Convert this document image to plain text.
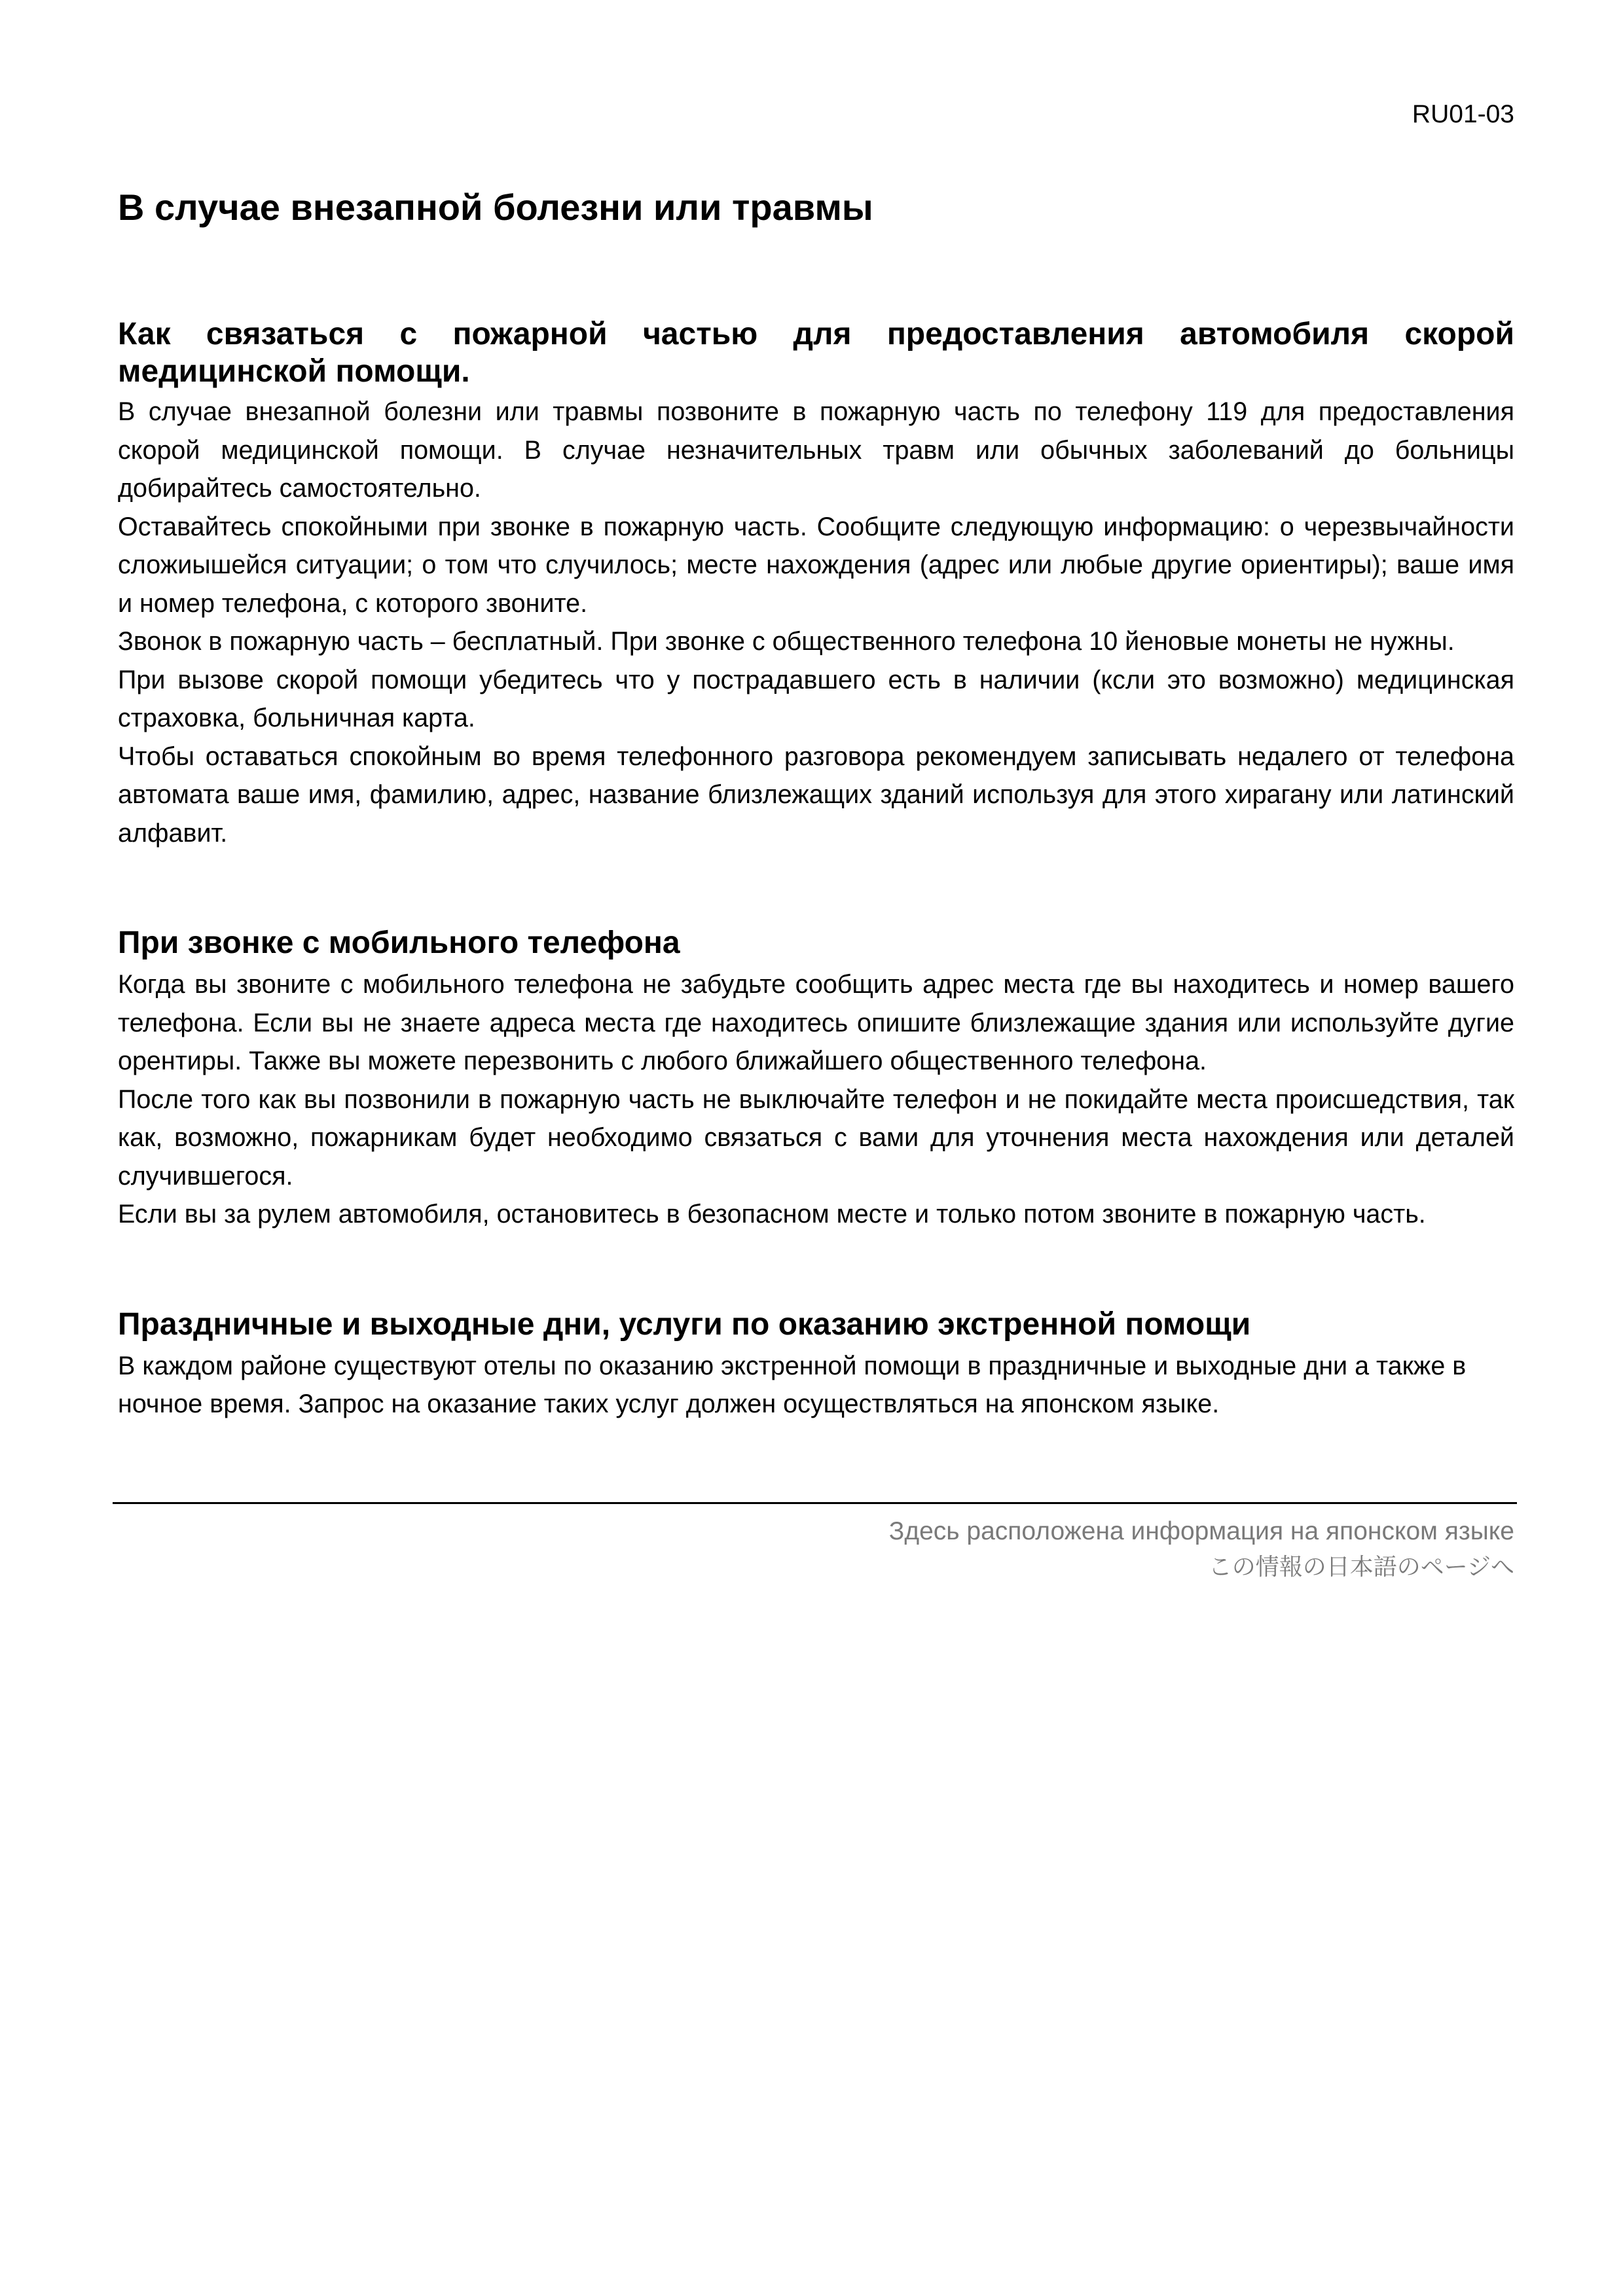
RU01-03
В случае внезапной болезни или травмы
Как связаться с пожарной частью для предоставления автомобиля скорой медицинской помощи.

В случае внезапной болезни или травмы позвоните в пожарную часть по телефону 119 для предоставления скорой медицинской помощи. В случае незначительных травм или обычных заболеваний до больницы добирайтесь самостоятельно.

Оставайтесь спокойными при звонке в пожарную часть. Сообщите следующую информацию: о черезвычайности сложиышейся ситуации; о том что случилось; месте нахождения (адрес или любые другие ориентиры); ваше имя и номер телефона, с которого звоните.

Звонок в пожарную часть – бесплатный. При звонке с общественного телефона 10 йеновые монеты не нужны.

При вызове скорой помощи убедитесь что у пострадавшего есть в наличии (ксли это возможно) медицинская страховка, больничная карта.

Чтобы оставаться спокойным во время телефонного разговора рекомендуем записывать недалего от телефона автомата ваше имя, фамилию, адрес, название близлежащих зданий используя для этого хирагану или латинский алфавит.

При звонке с мобильного телефона

Когда вы звоните с мобильного телефона не забудьте сообщить адрес места где вы находитесь и номер вашего телефона. Если вы не знаете адреса места где находитесь опишите близлежащие здания или используйте дугие орентиры. Также вы можете перезвонить с любого ближайшего общественного телефона.

После того как вы позвонили в пожарную часть не выключайте телефон и не покидайте места происшедствия, так как, возможно, пожарникам будет необходимо связаться с вами для уточнения места нахождения или деталей случившегося.

Если вы за рулем автомобиля, остановитесь в безопасном месте и только потом звоните в пожарную часть.

Праздничные и выходные дни, услуги по оказанию экстренной помощи

В каждом районе существуют отелы по оказанию экстренной помощи в праздничные и выходные дни а также в ночное время. Запрос на оказание таких услуг должен осуществляться на японском языке.

Здесь расположена информация на японском языке
この情報の日本語のページへ
